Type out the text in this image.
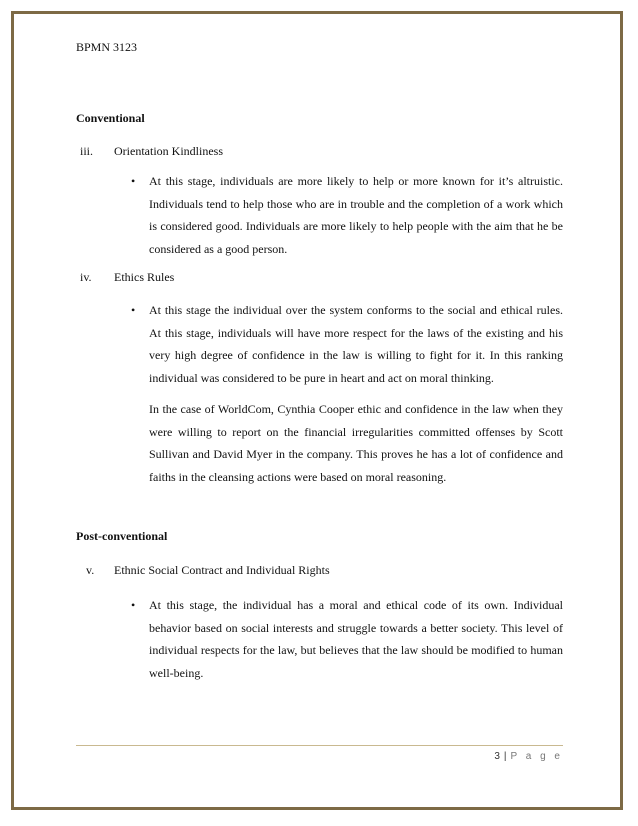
BPMN 3123
Conventional
iii. Orientation Kindliness
• At this stage, individuals are more likely to help or more known for it’s altruistic. Individuals tend to help those who are in trouble and the completion of a work which is considered good. Individuals are more likely to help people with the aim that he be considered as a good person.
iv. Ethics Rules
• At this stage the individual over the system conforms to the social and ethical rules. At this stage, individuals will have more respect for the laws of the existing and his very high degree of confidence in the law is willing to fight for it. In this ranking individual was considered to be pure in heart and act on moral thinking.
In the case of WorldCom, Cynthia Cooper ethic and confidence in the law when they were willing to report on the financial irregularities committed offenses by Scott Sullivan and David Myer in the company. This proves he has a lot of confidence and faiths in the cleansing actions were based on moral reasoning.
Post-conventional
v. Ethnic Social Contract and Individual Rights
• At this stage, the individual has a moral and ethical code of its own. Individual behavior based on social interests and struggle towards a better society. This level of individual respects for the law, but believes that the law should be modified to human well-being.
3 | P a g e
